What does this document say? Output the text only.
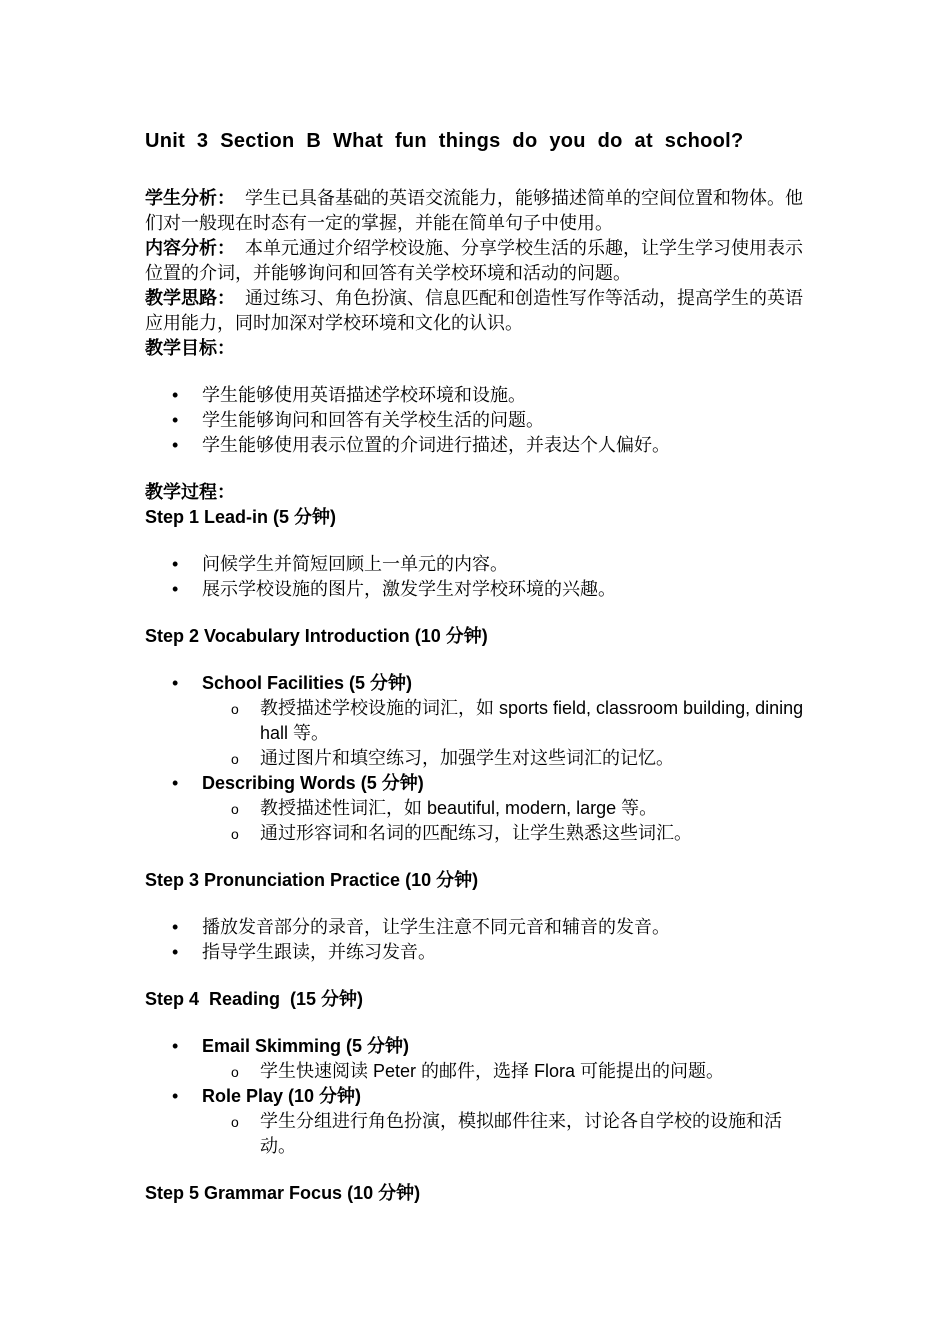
Unit 3 Section B What fun things do you do at school?

学生分析： 学生已具备基础的英语交流能力，能够描述简单的空间位置和物体。他们对一般现在时态有一定的掌握，并能在简单句子中使用。

内容分析： 本单元通过介绍学校设施、分享学校生活的乐趣，让学生学习使用表示位置的介词，并能够询问和回答有关学校环境和活动的问题。

教学思路： 通过练习、角色扮演、信息匹配和创造性写作等活动，提高学生的英语应用能力，同时加深对学校环境和文化的认识。

教学目标：

• 学生能够使用英语描述学校环境和设施。
• 学生能够询问和回答有关学校生活的问题。
• 学生能够使用表示位置的介词进行描述，并表达个人偏好。

教学过程：

Step 1 Lead-in (5 分钟)

• 问候学生并简短回顾上一单元的内容。
• 展示学校设施的图片，激发学生对学校环境的兴趣。

Step 2 Vocabulary Introduction (10 分钟)

• School Facilities (5 分钟)
o 教授描述学校设施的词汇，如 sports field, classroom building, dining hall 等。
o 通过图片和填空练习，加强学生对这些词汇的记忆。
• Describing Words (5 分钟)
o 教授描述性词汇，如 beautiful, modern, large 等。
o 通过形容词和名词的匹配练习，让学生熟悉这些词汇。

Step 3 Pronunciation Practice (10 分钟)

• 播放发音部分的录音，让学生注意不同元音和辅音的发音。
• 指导学生跟读，并练习发音。

Step 4  Reading  (15 分钟)

• Email Skimming (5 分钟)
o 学生快速阅读 Peter 的邮件，选择 Flora 可能提出的问题。
• Role Play (10 分钟)
o 学生分组进行角色扮演，模拟邮件往来，讨论各自学校的设施和活动。

Step 5 Grammar Focus (10 分钟)
